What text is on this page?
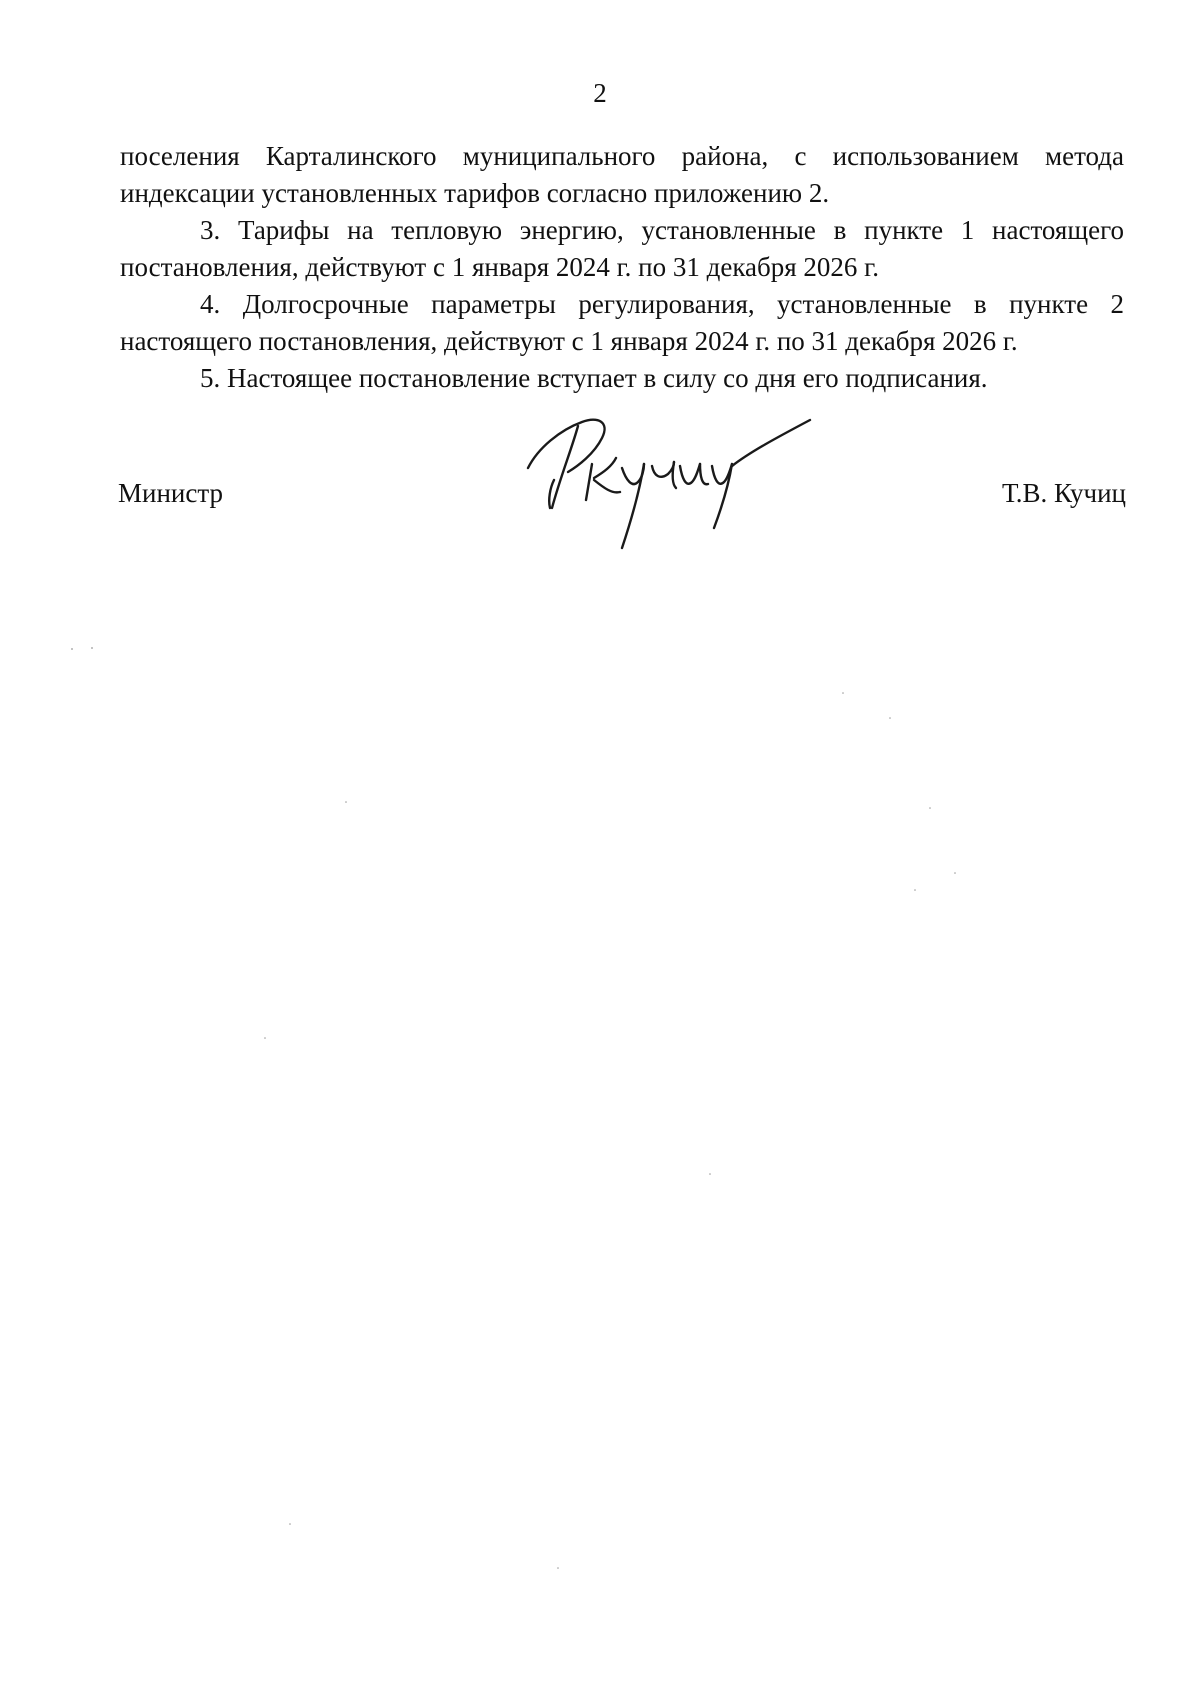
2

поселения Карталинского муниципального района, с использованием метода индексации установленных тарифов согласно приложению 2.

3. Тарифы на тепловую энергию, установленные в пункте 1 настоящего постановления, действуют с 1 января 2024 г. по 31 декабря 2026 г.

4. Долгосрочные параметры регулирования, установленные в пункте 2 настоящего постановления, действуют с 1 января 2024 г. по 31 декабря 2026 г.

5. Настоящее постановление вступает в силу со дня его подписания.

Министр	Т.В. Кучиц
